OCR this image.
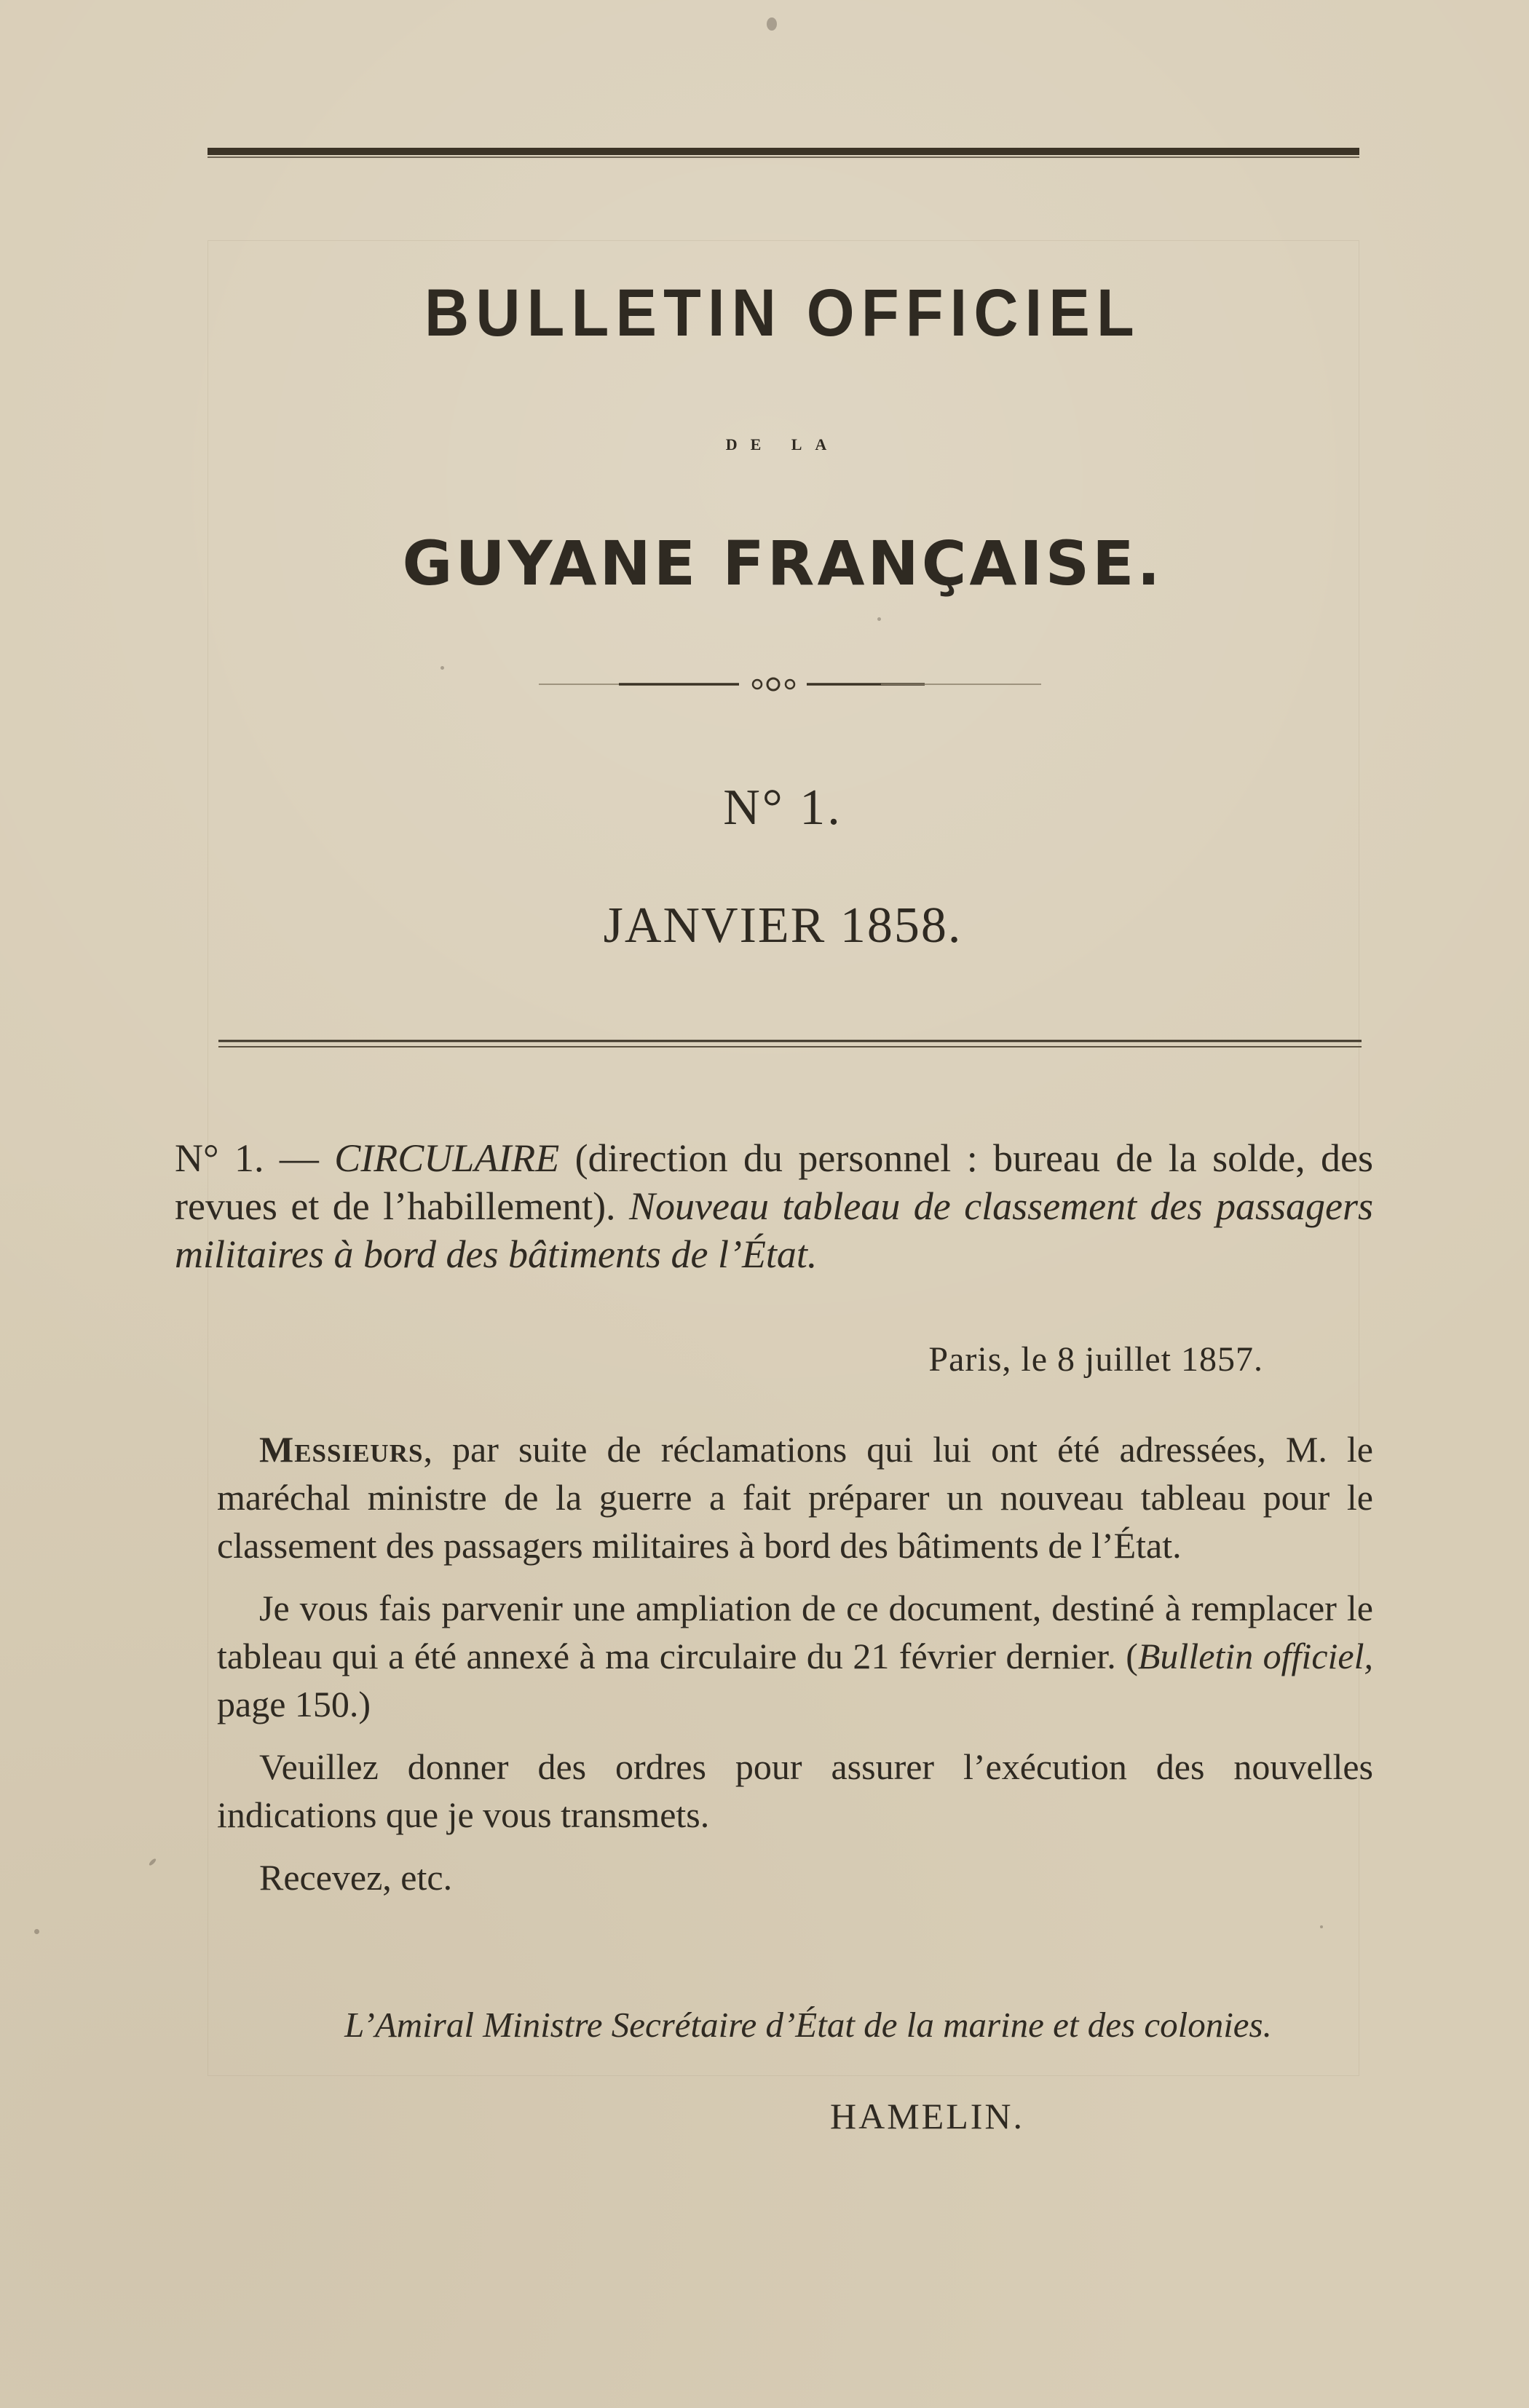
BULLETIN OFFICIEL
DE LA
GUYANE FRANÇAISE.
N° 1.
JANVIER 1858.
N° 1. — CIRCULAIRE (direction du personnel : bureau de la solde, des revues et de l’habillement). Nouveau tableau de classement des passagers militaires à bord des bâtiments de l’État.
Paris, le 8 juillet 1857.

Messieurs, par suite de réclamations qui lui ont été adressées, M. le maréchal ministre de la guerre a fait préparer un nouveau tableau pour le classement des passagers militaires à bord des bâtiments de l’État.

Je vous fais parvenir une ampliation de ce document, destiné à remplacer le tableau qui a été annexé à ma circulaire du 21 février dernier. (Bulletin officiel, page 150.)

Veuillez donner des ordres pour assurer l’exécution des nouvelles indications que je vous transmets.

Recevez, etc.

L’Amiral Ministre Secrétaire d’État de la marine et des colonies.
HAMELIN.
